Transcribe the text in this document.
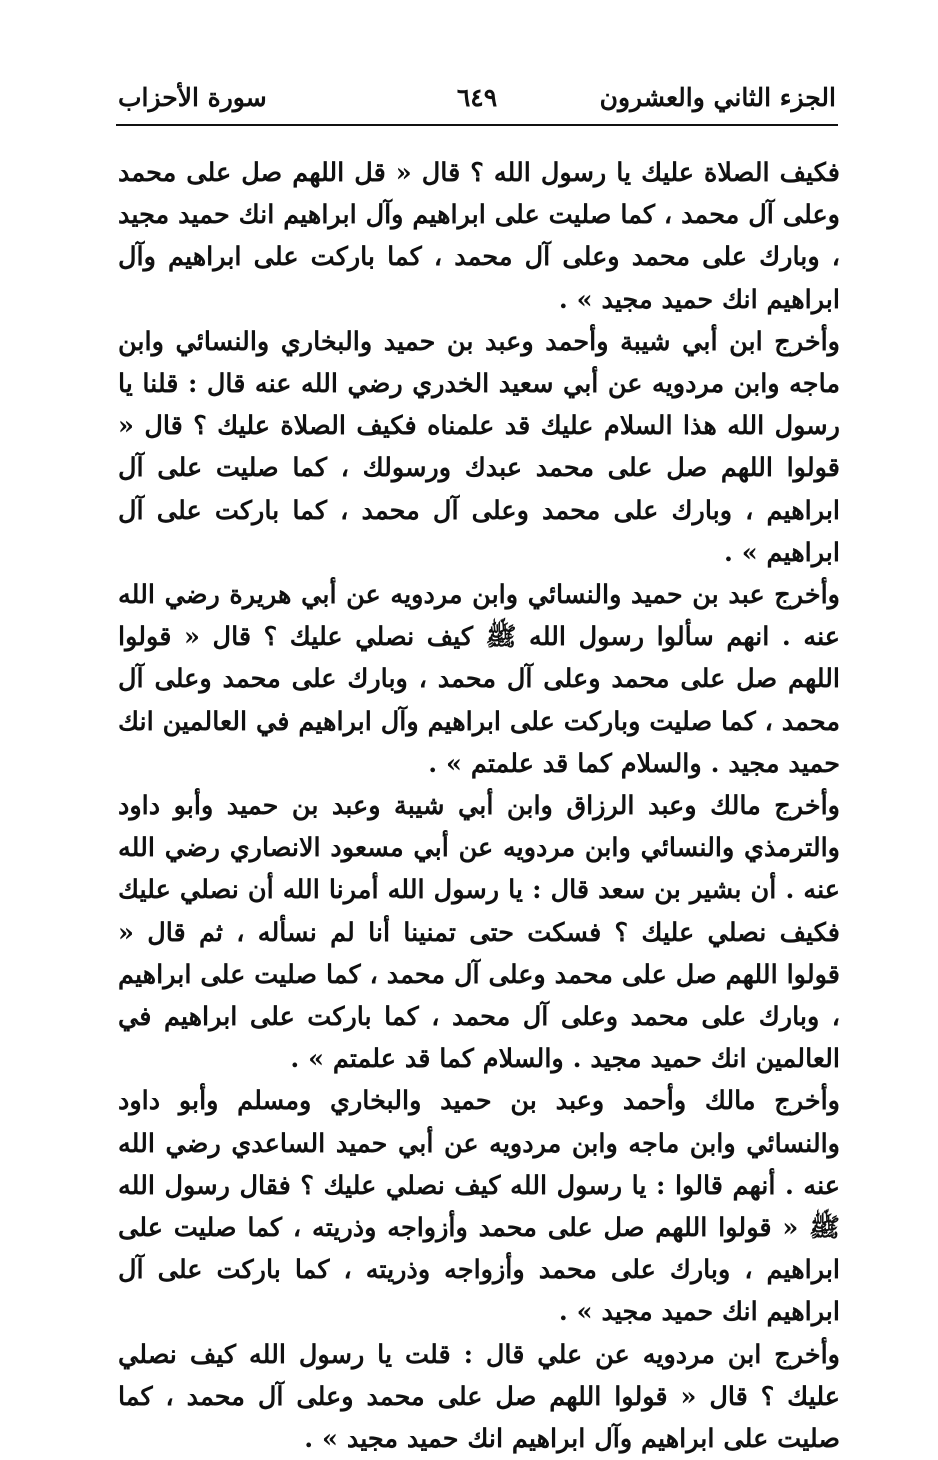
الجزء الثاني والعشرون
٦٤٩
سورة الأحزاب

فكيف الصلاة عليك يا رسول الله ؟ قال « قل اللهم صل على محمد وعلى آل محمد ، كما صليت على ابراهيم وآل ابراهيم انك حميد مجيد ، وبارك على محمد وعلى آل محمد ، كما باركت على ابراهيم وآل ابراهيم انك حميد مجيد » .

وأخرج ابن أبي شيبة وأحمد وعبد بن حميد والبخاري والنسائي وابن ماجه وابن مردويه عن أبي سعيد الخدري رضي الله عنه قال : قلنا يا رسول الله هذا السلام عليك قد علمناه فكيف الصلاة عليك ؟ قال « قولوا اللهم صل على محمد عبدك ورسولك ، كما صليت على آل ابراهيم ، وبارك على محمد وعلى آل محمد ، كما باركت على آل ابراهيم » .

وأخرج عبد بن حميد والنسائي وابن مردويه عن أبي هريرة رضي الله عنه . انهم سألوا رسول الله ﷺ كيف نصلي عليك ؟ قال « قولوا اللهم صل على محمد وعلى آل محمد ، وبارك على محمد وعلى آل محمد ، كما صليت وباركت على ابراهيم وآل ابراهيم في العالمين انك حميد مجيد . والسلام كما قد علمتم » .

وأخرج مالك وعبد الرزاق وابن أبي شيبة وعبد بن حميد وأبو داود والترمذي والنسائي وابن مردويه عن أبي مسعود الانصاري رضي الله عنه . أن بشير بن سعد قال : يا رسول الله أمرنا الله أن نصلي عليك فكيف نصلي عليك ؟ فسكت حتى تمنينا أنا لم نسأله ، ثم قال « قولوا اللهم صل على محمد وعلى آل محمد ، كما صليت على ابراهيم ، وبارك على محمد وعلى آل محمد ، كما باركت على ابراهيم في العالمين انك حميد مجيد . والسلام كما قد علمتم » .

وأخرج مالك وأحمد وعبد بن حميد والبخاري ومسلم وأبو داود والنسائي وابن ماجه وابن مردويه عن أبي حميد الساعدي رضي الله عنه . أنهم قالوا : يا رسول الله كيف نصلي عليك ؟ فقال رسول الله ﷺ « قولوا اللهم صل على محمد وأزواجه وذريته ، كما صليت على ابراهيم ، وبارك على محمد وأزواجه وذريته ، كما باركت على آل ابراهيم انك حميد مجيد » .

وأخرج ابن مردويه عن علي قال : قلت يا رسول الله كيف نصلي عليك ؟ قال « قولوا اللهم صل على محمد وعلى آل محمد ، كما صليت على ابراهيم وآل ابراهيم انك حميد مجيد » .
